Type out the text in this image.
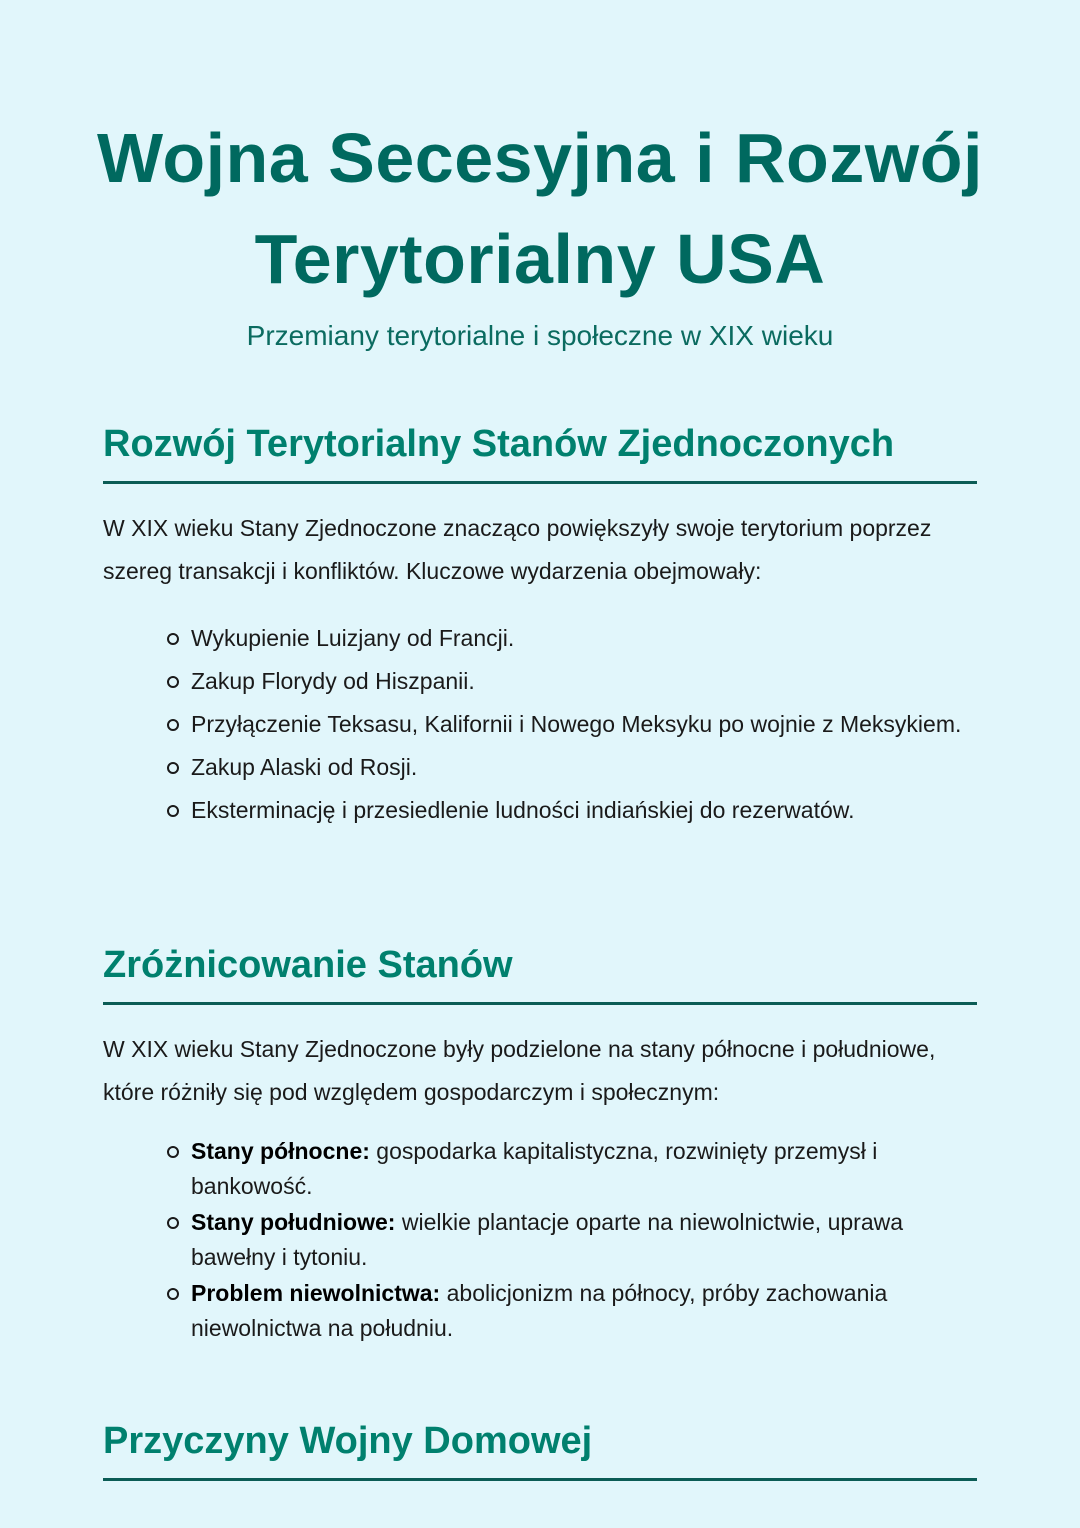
Wojna Secesyjna i Rozwój Terytorialny USA
Przemiany terytorialne i społeczne w XIX wieku
Rozwój Terytorialny Stanów Zjednoczonych

W XIX wieku Stany Zjednoczone znacząco powiększyły swoje terytorium poprzez szereg transakcji i konfliktów. Kluczowe wydarzenia obejmowały:

Wykupienie Luizjany od Francji.
Zakup Florydy od Hiszpanii.
Przyłączenie Teksasu, Kalifornii i Nowego Meksyku po wojnie z Meksykiem.
Zakup Alaski od Rosji.
Eksterminację i przesiedlenie ludności indiańskiej do rezerwatów.
Zróżnicowanie Stanów

W XIX wieku Stany Zjednoczone były podzielone na stany północne i południowe, które różniły się pod względem gospodarczym i społecznym:

Stany północne: gospodarka kapitalistyczna, rozwinięty przemysł i bankowość.
Stany południowe: wielkie plantacje oparte na niewolnictwie, uprawa bawełny i tytoniu.
Problem niewolnictwa: abolicjonizm na północy, próby zachowania niewolnictwa na południu.
Przyczyny Wojny Domowej
